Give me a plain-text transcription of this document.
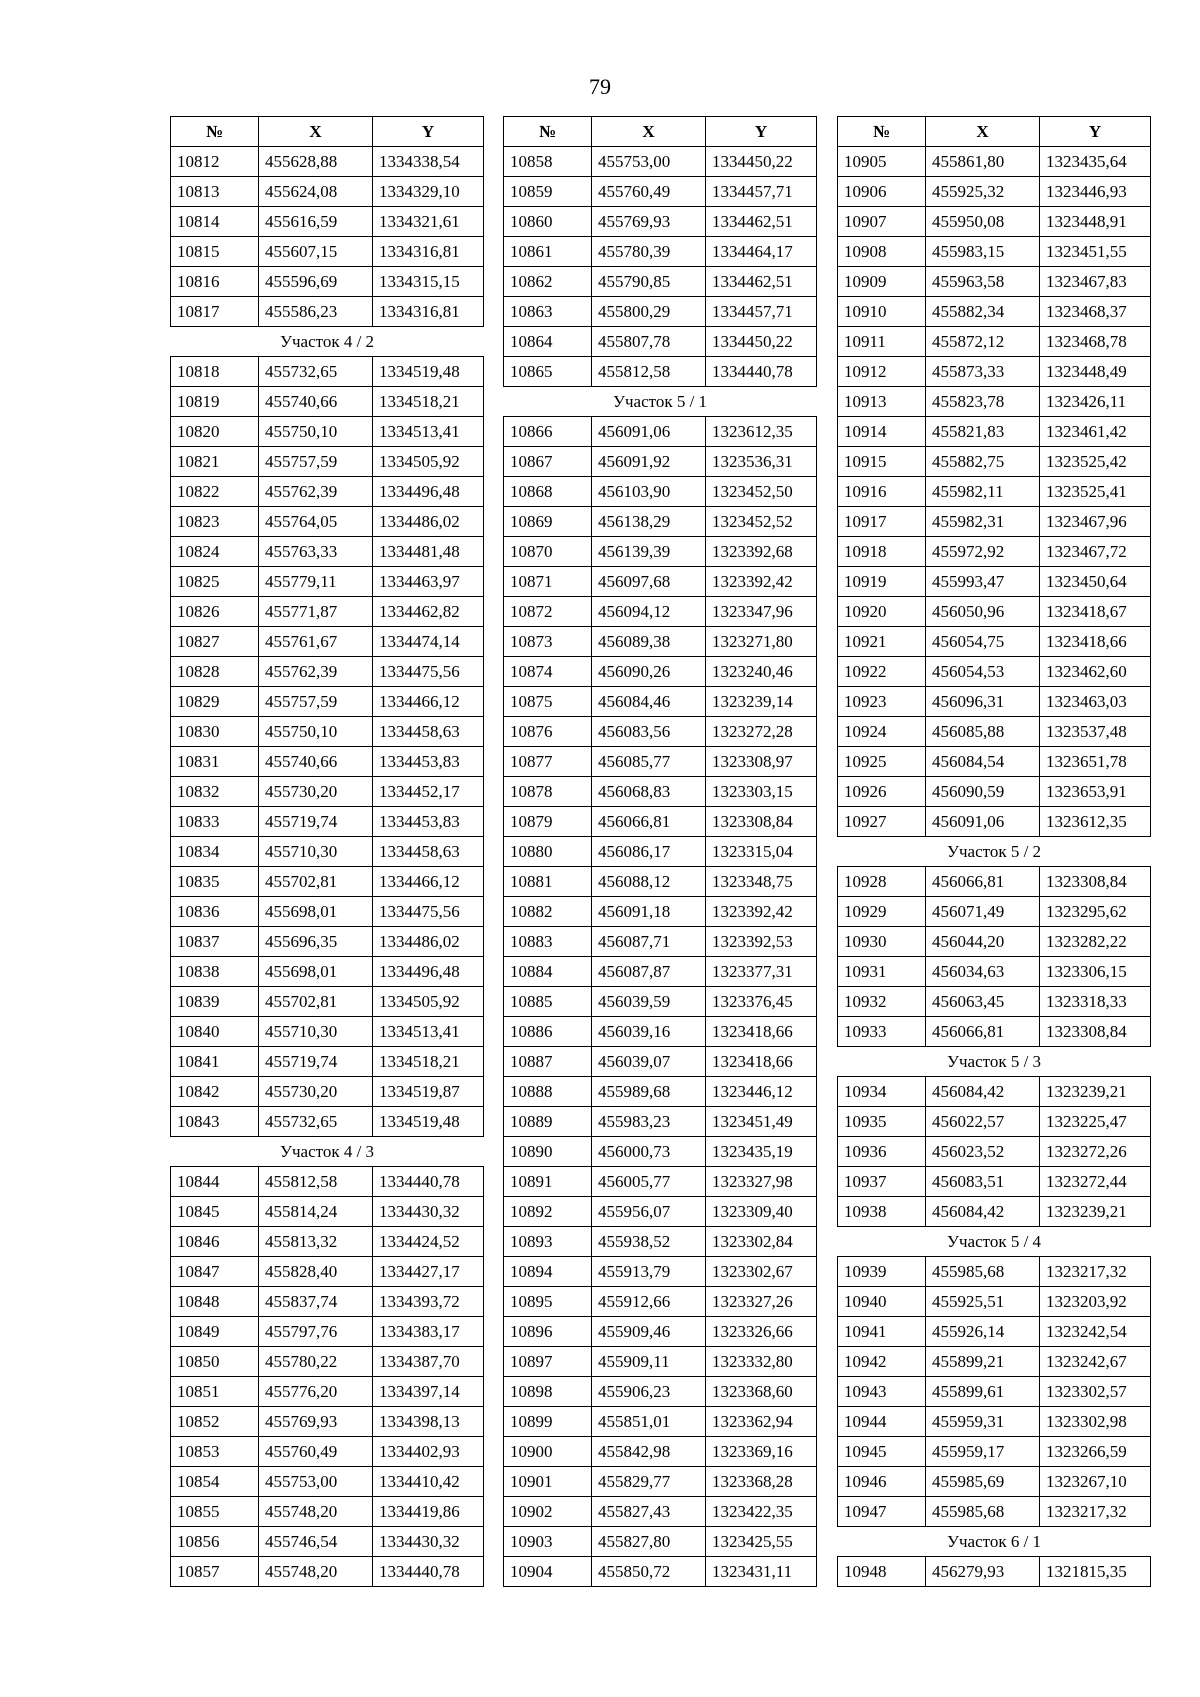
79
№	X	Y
10812	455628,88	1334338,54
10813	455624,08	1334329,10
10814	455616,59	1334321,61
10815	455607,15	1334316,81
10816	455596,69	1334315,15
10817	455586,23	1334316,81
Участок 4 / 2		
10818	455732,65	1334519,48
10819	455740,66	1334518,21
10820	455750,10	1334513,41
10821	455757,59	1334505,92
10822	455762,39	1334496,48
10823	455764,05	1334486,02
10824	455763,33	1334481,48
10825	455779,11	1334463,97
10826	455771,87	1334462,82
10827	455761,67	1334474,14
10828	455762,39	1334475,56
10829	455757,59	1334466,12
10830	455750,10	1334458,63
10831	455740,66	1334453,83
10832	455730,20	1334452,17
10833	455719,74	1334453,83
10834	455710,30	1334458,63
10835	455702,81	1334466,12
10836	455698,01	1334475,56
10837	455696,35	1334486,02
10838	455698,01	1334496,48
10839	455702,81	1334505,92
10840	455710,30	1334513,41
10841	455719,74	1334518,21
10842	455730,20	1334519,87
10843	455732,65	1334519,48
Участок 4 / 3		
10844	455812,58	1334440,78
10845	455814,24	1334430,32
10846	455813,32	1334424,52
10847	455828,40	1334427,17
10848	455837,74	1334393,72
10849	455797,76	1334383,17
10850	455780,22	1334387,70
10851	455776,20	1334397,14
10852	455769,93	1334398,13
10853	455760,49	1334402,93
10854	455753,00	1334410,42
10855	455748,20	1334419,86
10856	455746,54	1334430,32
10857	455748,20	1334440,78
№	X	Y
10858	455753,00	1334450,22
10859	455760,49	1334457,71
10860	455769,93	1334462,51
10861	455780,39	1334464,17
10862	455790,85	1334462,51
10863	455800,29	1334457,71
10864	455807,78	1334450,22
10865	455812,58	1334440,78
Участок 5 / 1		
10866	456091,06	1323612,35
10867	456091,92	1323536,31
10868	456103,90	1323452,50
10869	456138,29	1323452,52
10870	456139,39	1323392,68
10871	456097,68	1323392,42
10872	456094,12	1323347,96
10873	456089,38	1323271,80
10874	456090,26	1323240,46
10875	456084,46	1323239,14
10876	456083,56	1323272,28
10877	456085,77	1323308,97
10878	456068,83	1323303,15
10879	456066,81	1323308,84
10880	456086,17	1323315,04
10881	456088,12	1323348,75
10882	456091,18	1323392,42
10883	456087,71	1323392,53
10884	456087,87	1323377,31
10885	456039,59	1323376,45
10886	456039,16	1323418,66
10887	456039,07	1323418,66
10888	455989,68	1323446,12
10889	455983,23	1323451,49
10890	456000,73	1323435,19
10891	456005,77	1323327,98
10892	455956,07	1323309,40
10893	455938,52	1323302,84
10894	455913,79	1323302,67
10895	455912,66	1323327,26
10896	455909,46	1323326,66
10897	455909,11	1323332,80
10898	455906,23	1323368,60
10899	455851,01	1323362,94
10900	455842,98	1323369,16
10901	455829,77	1323368,28
10902	455827,43	1323422,35
10903	455827,80	1323425,55
10904	455850,72	1323431,11
№	X	Y
10905	455861,80	1323435,64
10906	455925,32	1323446,93
10907	455950,08	1323448,91
10908	455983,15	1323451,55
10909	455963,58	1323467,83
10910	455882,34	1323468,37
10911	455872,12	1323468,78
10912	455873,33	1323448,49
10913	455823,78	1323426,11
10914	455821,83	1323461,42
10915	455882,75	1323525,42
10916	455982,11	1323525,41
10917	455982,31	1323467,96
10918	455972,92	1323467,72
10919	455993,47	1323450,64
10920	456050,96	1323418,67
10921	456054,75	1323418,66
10922	456054,53	1323462,60
10923	456096,31	1323463,03
10924	456085,88	1323537,48
10925	456084,54	1323651,78
10926	456090,59	1323653,91
10927	456091,06	1323612,35
Участок 5 / 2		
10928	456066,81	1323308,84
10929	456071,49	1323295,62
10930	456044,20	1323282,22
10931	456034,63	1323306,15
10932	456063,45	1323318,33
10933	456066,81	1323308,84
Участок 5 / 3		
10934	456084,42	1323239,21
10935	456022,57	1323225,47
10936	456023,52	1323272,26
10937	456083,51	1323272,44
10938	456084,42	1323239,21
Участок 5 / 4		
10939	455985,68	1323217,32
10940	455925,51	1323203,92
10941	455926,14	1323242,54
10942	455899,21	1323242,67
10943	455899,61	1323302,57
10944	455959,31	1323302,98
10945	455959,17	1323266,59
10946	455985,69	1323267,10
10947	455985,68	1323217,32
Участок 6 / 1		
10948	456279,93	1321815,35
